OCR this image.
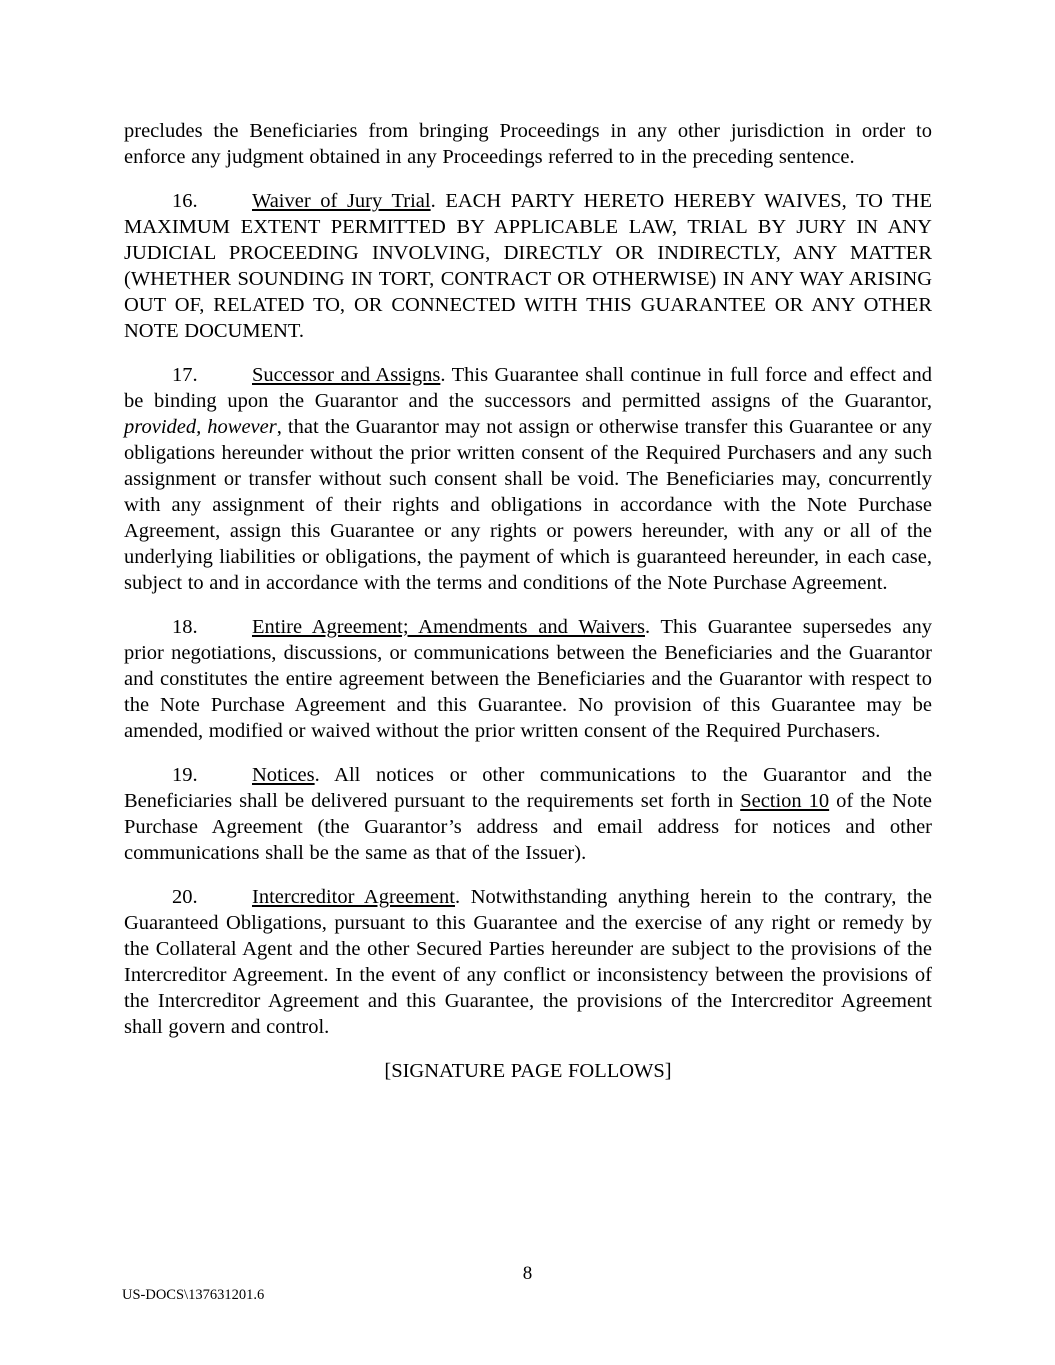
precludes the Beneficiaries from bringing Proceedings in any other jurisdiction in order to enforce any judgment obtained in any Proceedings referred to in the preceding sentence.

16.	Waiver of Jury Trial. EACH PARTY HERETO HEREBY WAIVES, TO THE MAXIMUM EXTENT PERMITTED BY APPLICABLE LAW, TRIAL BY JURY IN ANY JUDICIAL PROCEEDING INVOLVING, DIRECTLY OR INDIRECTLY, ANY MATTER (WHETHER SOUNDING IN TORT, CONTRACT OR OTHERWISE) IN ANY WAY ARISING OUT OF, RELATED TO, OR CONNECTED WITH THIS GUARANTEE OR ANY OTHER NOTE DOCUMENT.

17.	Successor and Assigns. This Guarantee shall continue in full force and effect and be binding upon the Guarantor and the successors and permitted assigns of the Guarantor, provided, however, that the Guarantor may not assign or otherwise transfer this Guarantee or any obligations hereunder without the prior written consent of the Required Purchasers and any such assignment or transfer without such consent shall be void. The Beneficiaries may, concurrently with any assignment of their rights and obligations in accordance with the Note Purchase Agreement, assign this Guarantee or any rights or powers hereunder, with any or all of the underlying liabilities or obligations, the payment of which is guaranteed hereunder, in each case, subject to and in accordance with the terms and conditions of the Note Purchase Agreement.

18.	Entire Agreement; Amendments and Waivers. This Guarantee supersedes any prior negotiations, discussions, or communications between the Beneficiaries and the Guarantor and constitutes the entire agreement between the Beneficiaries and the Guarantor with respect to the Note Purchase Agreement and this Guarantee. No provision of this Guarantee may be amended, modified or waived without the prior written consent of the Required Purchasers.

19.	Notices. All notices or other communications to the Guarantor and the Beneficiaries shall be delivered pursuant to the requirements set forth in Section 10 of the Note Purchase Agreement (the Guarantor’s address and email address for notices and other communications shall be the same as that of the Issuer).

20.	Intercreditor Agreement. Notwithstanding anything herein to the contrary, the Guaranteed Obligations, pursuant to this Guarantee and the exercise of any right or remedy by the Collateral Agent and the other Secured Parties hereunder are subject to the provisions of the Intercreditor Agreement. In the event of any conflict or inconsistency between the provisions of the Intercreditor Agreement and this Guarantee, the provisions of the Intercreditor Agreement shall govern and control.

[SIGNATURE PAGE FOLLOWS]

8
US-DOCS\137631201.6
